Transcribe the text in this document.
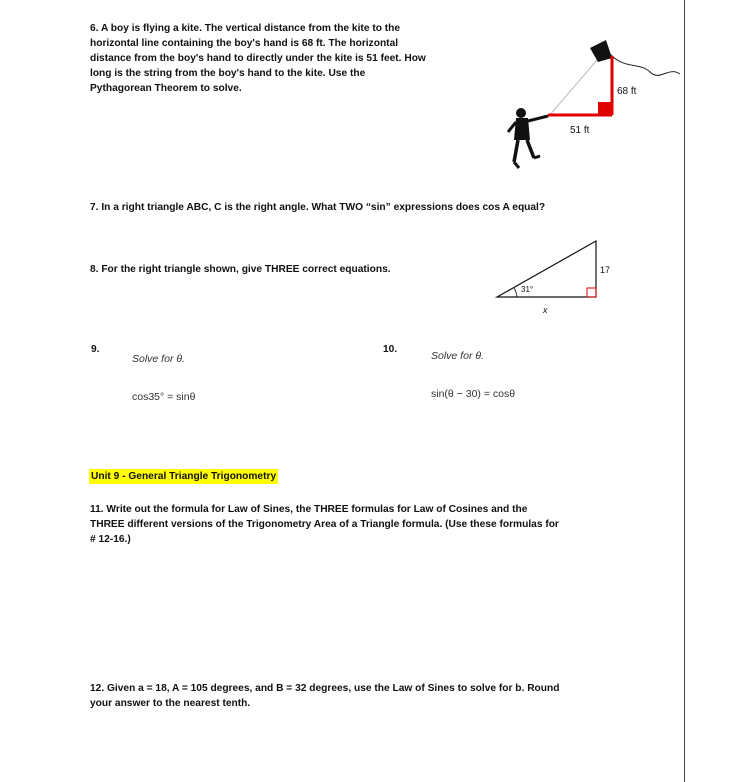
6. A boy is flying a kite. The vertical distance from the kite to the
horizontal line containing the boy's hand is 68 ft. The horizontal
distance from the boy's hand to directly under the kite is 51 feet. How
long is the string from the boy's hand to the kite. Use the
Pythagorean Theorem to solve.	68 ft
51 ft
7. In a right triangle ABC, C is the right angle. What TWO “sin” expressions does cos A equal?
8. For the right triangle shown, give THREE correct equations.
31°
17
x
9.
Solve for θ.
cos35° = sinθ
10.
Solve for θ.
sin(θ − 30) = cosθ
Unit 9 - General Triangle Trigonometry
11. Write out the formula for Law of Sines, the THREE formulas for Law of Cosines and the
THREE different versions of the Trigonometry Area of a Triangle formula. (Use these formulas for
# 12-16.)
12. Given a = 18, A = 105 degrees, and B = 32 degrees, use the Law of Sines to solve for b. Round
your answer to the nearest tenth.
